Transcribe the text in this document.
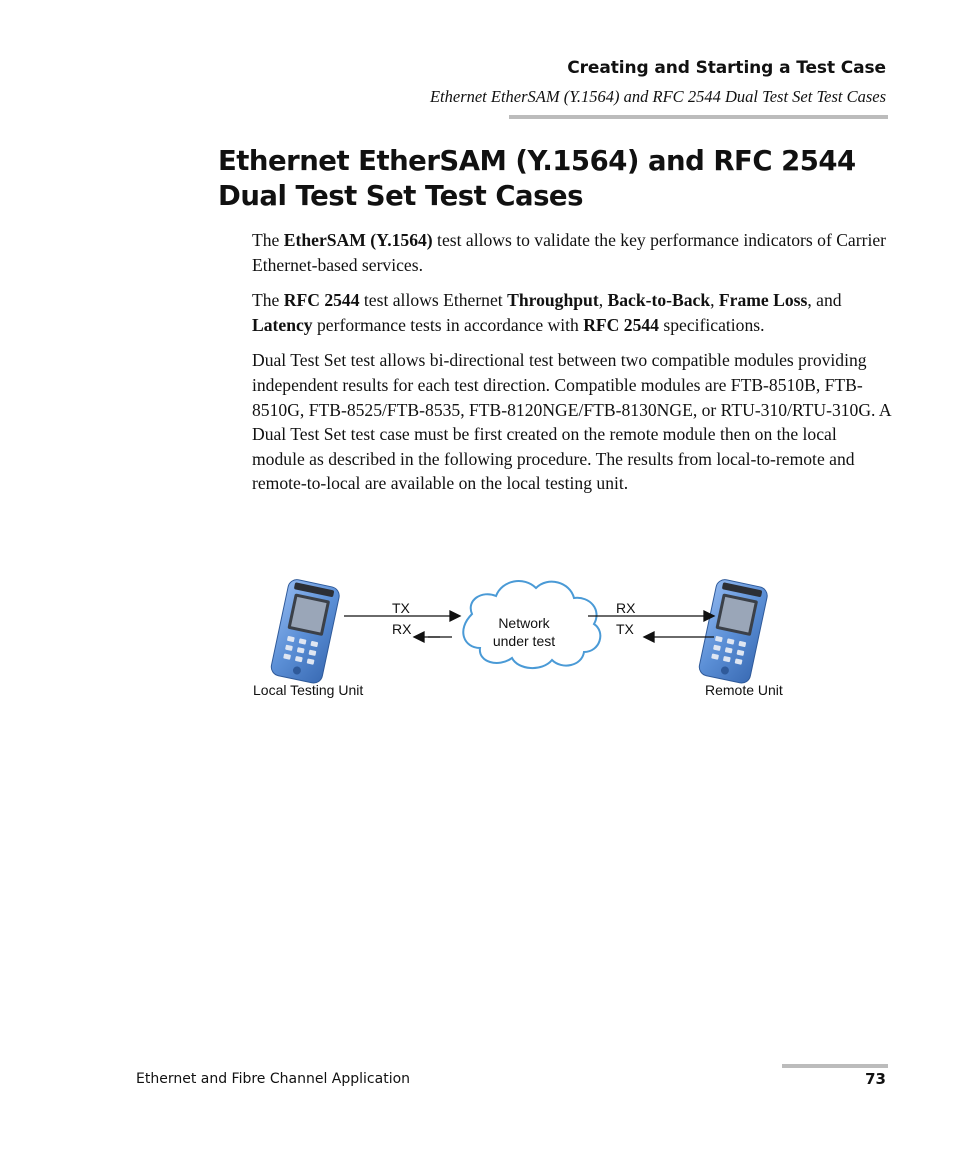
Creating and Starting a Test Case
Ethernet EtherSAM (Y.1564) and RFC 2544 Dual Test Set Test Cases
Ethernet EtherSAM (Y.1564) and RFC 2544 Dual Test Set Test Cases

The EtherSAM (Y.1564) test allows to validate the key performance indicators of Carrier Ethernet-based services.

The RFC 2544 test allows Ethernet Throughput, Back-to-Back, Frame Loss, and Latency performance tests in accordance with RFC 2544 specifications.

Dual Test Set test allows bi-directional test between two compatible modules providing independent results for each test direction. Compatible modules are FTB-8510B, FTB-8510G, FTB-8525/FTB-8535, FTB-8120NGE/FTB-8130NGE, or RTU-310/RTU-310G. A Dual Test Set test case must be first created on the remote module then on the local module as described in the following procedure. The results from local-to-remote and remote-to-local are available on the local testing unit.

TX
RX
RX
TX
Network
under test
Local Testing Unit	Remote Unit
Ethernet and Fibre Channel Application	73
